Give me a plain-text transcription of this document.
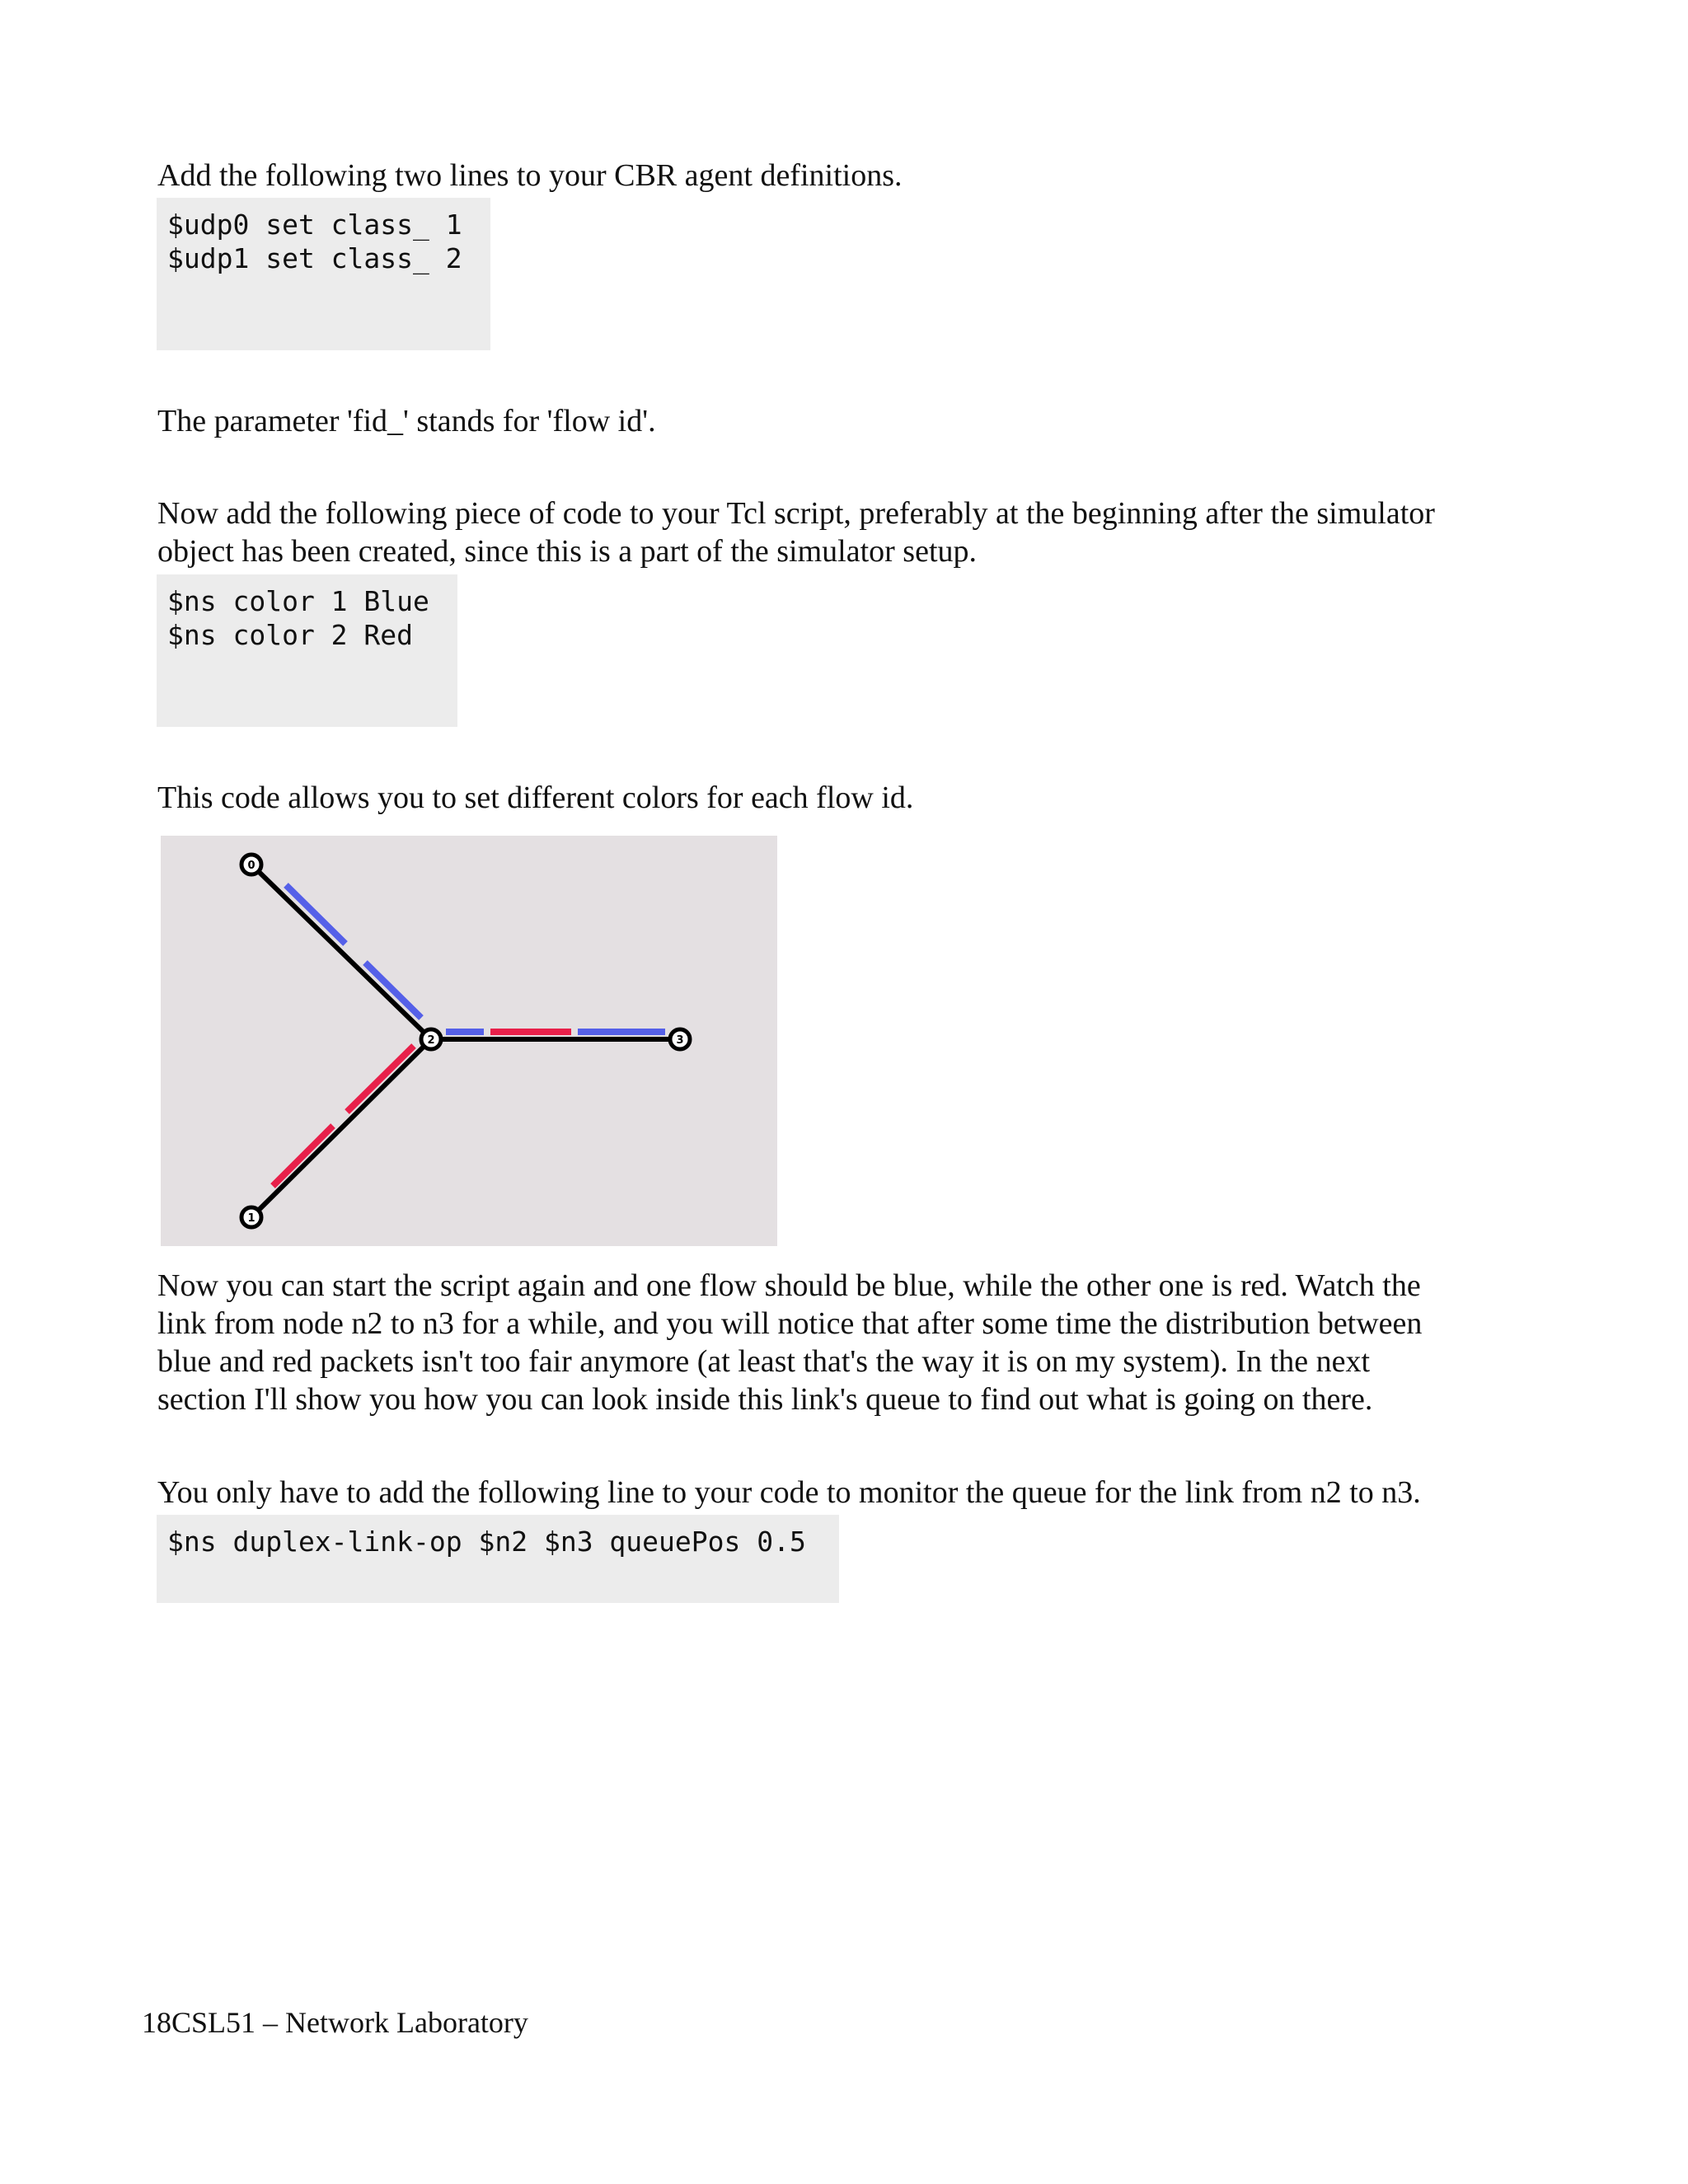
Add the following two lines to your CBR agent definitions.

$udp0 set class_ 1
$udp1 set class_ 2

The parameter 'fid_' stands for 'flow id'.

Now add the following piece of code to your Tcl script, preferably at the beginning after the simulator
object has been created, since this is a part of the simulator setup.

$ns color 1 Blue
$ns color 2 Red

This code allows you to set different colors for each flow id.

0
1
2	3

Now you can start the script again and one flow should be blue, while the other one is red. Watch the
link from node n2 to n3 for a while, and you will notice that after some time the distribution between
blue and red packets isn't too fair anymore (at least that's the way it is on my system). In the next
section I'll show you how you can look inside this link's queue to find out what is going on there.

You only have to add the following line to your code to monitor the queue for the link from n2 to n3.

$ns duplex-link-op $n2 $n3 queuePos 0.5
18CSL51 – Network Laboratory
